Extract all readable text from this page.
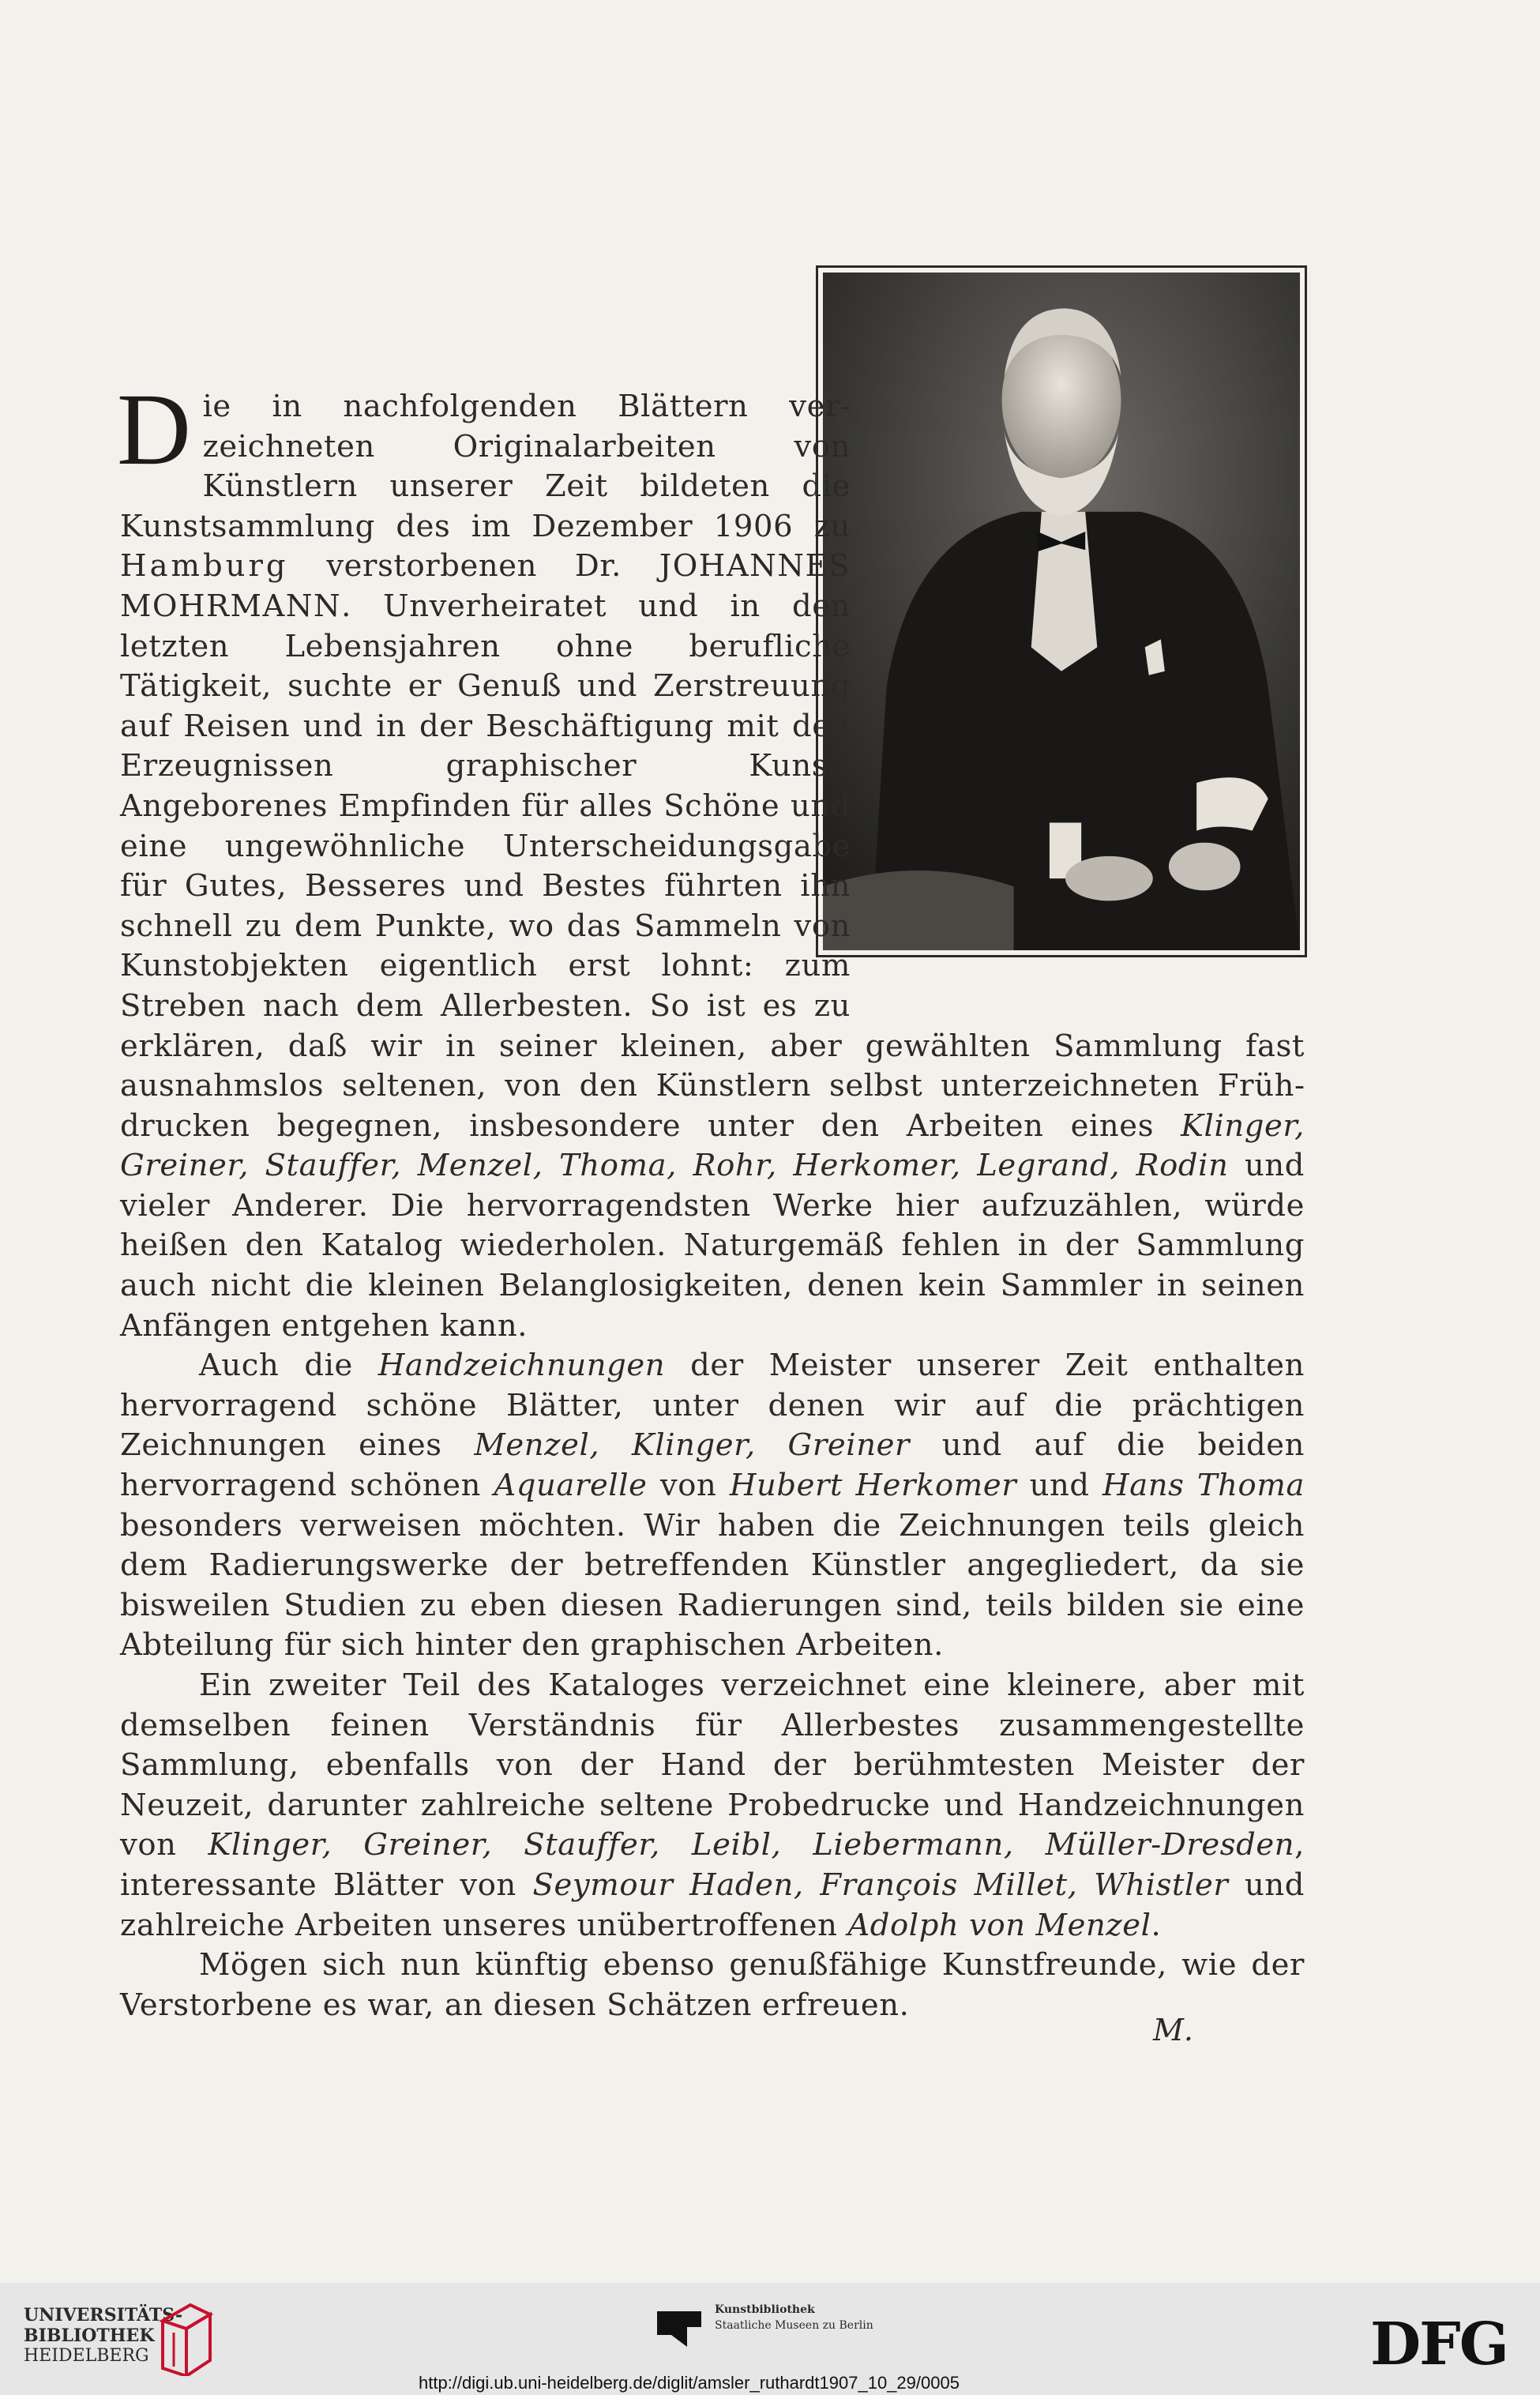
Die in nachfolgenden Blättern verzeichneten Originalarbeiten von Künstlern unserer Zeit bildeten die Kunstsammlung des im Dezember 1906 zu Hamburg verstorbenen Dr. JOHANNES MOHRMANN. Unverheiratet und in den letzten Lebensjahren ohne berufliche Tätigkeit, suchte er Genuß und Zerstreuung auf Reisen und in der Beschäftigung mit den Erzeugnissen graphischer Kunst. Angeborenes Empfinden für alles Schöne und eine ungewöhnliche Unterscheidungsgabe für Gutes, Besseres und Bestes führten ihn schnell zu dem Punkte, wo das Sammeln von Kunstobjekten eigentlich erst lohnt: zum Streben nach dem Allerbesten. So ist es zu erklären, daß wir in seiner kleinen, aber gewählten Sammlung fast ausnahmslos seltenen, von den Künstlern selbst unterzeichneten Frühdrucken begegnen, insbesondere unter den Arbeiten eines Klinger, Greiner, Stauffer, Menzel, Thoma, Rohr, Herkomer, Legrand, Rodin und vieler Anderer. Die hervorragendsten Werke hier aufzuzählen, würde heißen den Katalog wiederholen. Naturgemäß fehlen in der Sammlung auch nicht die kleinen Belanglosigkeiten, denen kein Sammler in seinen Anfängen entgehen kann.

Auch die Handzeichnungen der Meister unserer Zeit enthalten hervorragend schöne Blätter, unter denen wir auf die prächtigen Zeichnungen eines Menzel, Klinger, Greiner und auf die beiden hervorragend schönen Aquarelle von Hubert Herkomer und Hans Thoma besonders verweisen möchten. Wir haben die Zeichnungen teils gleich dem Radierungswerke der betreffenden Künstler angegliedert, da sie bisweilen Studien zu eben diesen Radierungen sind, teils bilden sie eine Abteilung für sich hinter den graphischen Arbeiten.

Ein zweiter Teil des Kataloges verzeichnet eine kleinere, aber mit demselben feinen Verständnis für Allerbestes zusammengestellte Sammlung, ebenfalls von der Hand der berühmtesten Meister der Neuzeit, darunter zahlreiche seltene Probedrucke und Handzeichnungen von Klinger, Greiner, Stauffer, Leibl, Liebermann, Müller-Dresden, interessante Blätter von Seymour Haden, François Millet, Whistler und zahlreiche Arbeiten unseres unübertroffenen Adolph von Menzel.

Mögen sich nun künftig ebenso genußfähige Kunstfreunde, wie der Verstorbene es war, an diesen Schätzen erfreuen.

M.
UNIVERSITÄTS-
BIBLIOTHEK
HEIDELBERG
Kunstbibliothek
Staatliche Museen zu Berlin	DFG
http://digi.ub.uni-heidelberg.de/diglit/amsler_ruthardt1907_10_29/0005
